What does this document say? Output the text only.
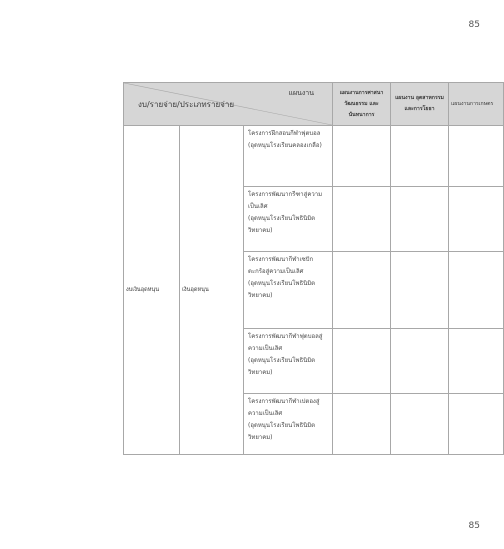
85
แผนงาน
งบ/รายจ่าย/ประเภทรายจ่าย			แผนงานการศาสนา วัฒนธรรม และนันทนาการ	แผนงาน อุตสาหกรรมและการโยธา	แผนงานการเกษตร
งบเงินอุดหนุน	เงินอุดหนุน	โครงการฝึกสอนกีฬาฟุตบอล
(อุดหนุนโรงเรียนคลองเกลือ)			

		โครงการพัฒนากรีฑาสู่ความเป็นเลิศ
(อุดหนุนโรงเรียนโพธินิมิตวิทยาคม)			

		โครงการพัฒนากีฬาเซปักตะกร้อสู่ความเป็นเลิศ
(อุดหนุนโรงเรียนโพธินิมิตวิทยาคม)			

		โครงการพัฒนากีฬาฟุตบอลสู่ความเป็นเลิศ
(อุดหนุนโรงเรียนโพธินิมิตวิทยาคม)			

		โครงการพัฒนากีฬาเปตองสู่ความเป็นเลิศ
(อุดหนุนโรงเรียนโพธินิมิตวิทยาคม)			

85
